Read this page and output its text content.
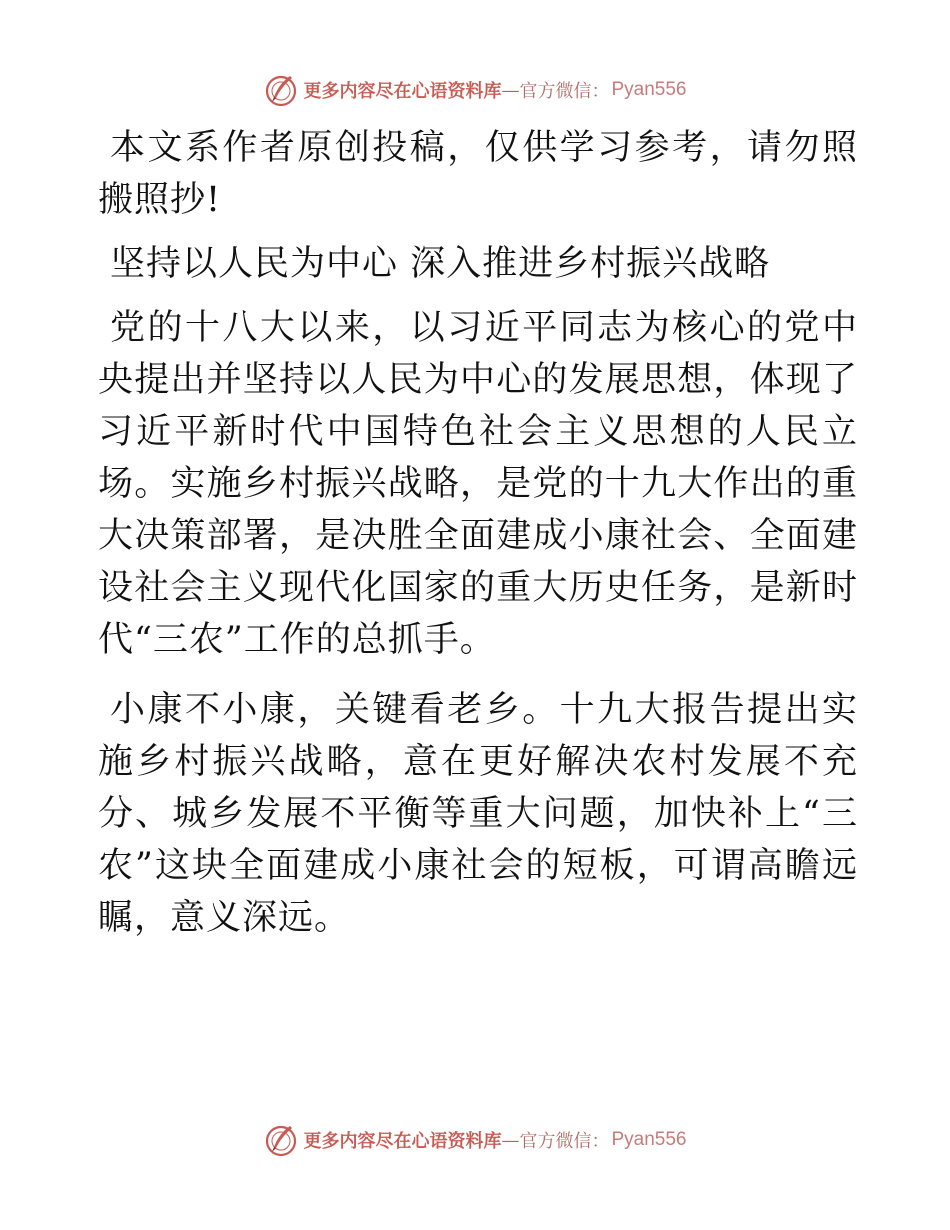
更多内容尽在心语资料库 — 官方微信： Pyan556

本文系作者原创投稿，仅供学习参考，请勿照搬照抄!

坚持以人民为中心 深入推进乡村振兴战略

党的十八大以来，以习近平同志为核心的党中央提出并坚持以人民为中心的发展思想，体现了习近平新时代中国特色社会主义思想的人民立场。实施乡村振兴战略，是党的十九大作出的重大决策部署，是决胜全面建成小康社会、全面建设社会主义现代化国家的重大历史任务，是新时代“三农”工作的总抓手。

小康不小康，关键看老乡。十九大报告提出实施乡村振兴战略，意在更好解决农村发展不充分、城乡发展不平衡等重大问题，加快补上“三农”这块全面建成小康社会的短板，可谓高瞻远瞩，意义深远。

更多内容尽在心语资料库 — 官方微信： Pyan556
